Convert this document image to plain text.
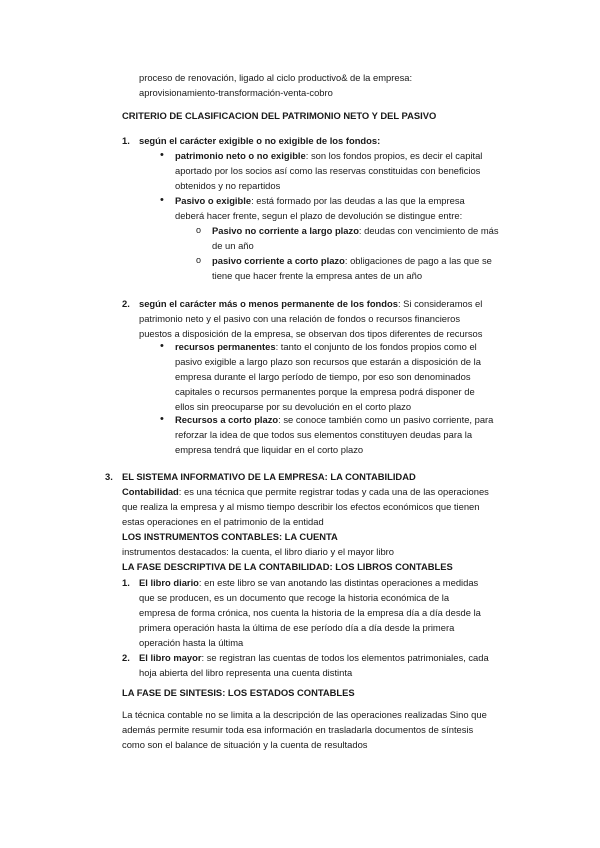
proceso de renovación, ligado al ciclo productivo& de la empresa:
aprovisionamiento-transformación-venta-cobro
CRITERIO DE CLASIFICACION DEL PATRIMONIO NETO Y DEL PASIVO
1. según el carácter exigible o no exigible de los fondos:
• patrimonio neto o no exigible: son los fondos propios, es decir el capital
aportado por los socios así como las reservas constituidas con beneficios
obtenidos y no repartidos
• Pasivo o exigible: está formado por las deudas a las que la empresa
deberá hacer frente, segun el plazo de devolución se distingue entre:
o Pasivo no corriente a largo plazo: deudas con vencimiento de más
de un año
o pasivo corriente a corto plazo: obligaciones de pago a las que se
tiene que hacer frente la empresa antes de un año
2. según el carácter más o menos permanente de los fondos: Si consideramos el
patrimonio neto y el pasivo con una relación de fondos o recursos financieros
puestos a disposición de la empresa, se observan dos tipos diferentes de recursos
• recursos permanentes: tanto el conjunto de los fondos propios como el
pasivo exigible a largo plazo son recursos que estarán a disposición de la
empresa durante el largo período de tiempo, por eso son denominados
capitales o recursos permanentes porque la empresa podrá disponer de
ellos sin preocuparse por su devolución en el corto plazo
• Recursos a corto plazo: se conoce también como un pasivo corriente, para
reforzar la idea de que todos sus elementos constituyen deudas para la
empresa tendrá que liquidar en el corto plazo
3. EL SISTEMA INFORMATIVO DE LA EMPRESA: LA CONTABILIDAD
Contabilidad: es una técnica que permite registrar todas y cada una de las operaciones
que realiza la empresa y al mismo tiempo describir los efectos económicos que tienen
estas operaciones en el patrimonio de la entidad
LOS INSTRUMENTOS CONTABLES: LA CUENTA
instrumentos destacados: la cuenta, el libro diario y el mayor libro
LA FASE DESCRIPTIVA DE LA CONTABILIDAD: LOS LIBROS CONTABLES
1. El libro diario: en este libro se van anotando las distintas operaciones a medidas
que se producen, es un documento que recoge la historia económica de la
empresa de forma crónica, nos cuenta la historia de la empresa día a día desde la
primera operación hasta la última de ese período día a día desde la primera
operación hasta la última
2. El libro mayor: se registran las cuentas de todos los elementos patrimoniales, cada
hoja abierta del libro representa una cuenta distinta
LA FASE DE SINTESIS: LOS ESTADOS CONTABLES
La técnica contable no se limita a la descripción de las operaciones realizadas Sino que
además permite resumir toda esa información en trasladarla documentos de síntesis
como son el balance de situación y la cuenta de resultados
